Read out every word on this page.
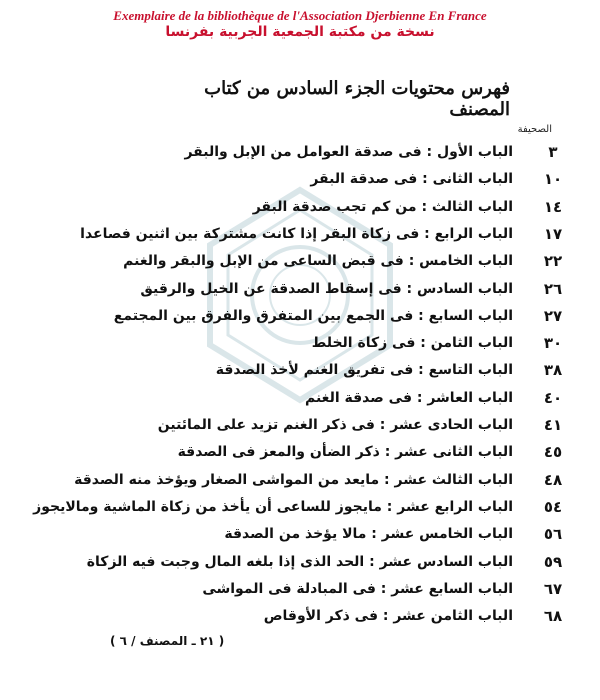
Exemplaire de la bibliothèque de l'Association Djerbienne En France
نسخة من مكتبة الجمعية الجربية بفرنسا
فهرس محتويات الجزء السادس من كتاب المصنف
الصحيفة
٣
الباب الأول : فى صدقة العوامل من الإبل والبقر
١٠
الباب الثانى : فى صدقة البقر
١٤
الباب الثالث : من كم تجب صدقة البقر
١٧
الباب الرابع : فى زكاة البقر إذا كانت مشتركة بين اثنين فصاعدا
٢٢
الباب الخامس : فى قبض الساعى من الإبل والبقر والغنم
٢٦
الباب السادس : فى إسقاط الصدقة عن الخيل والرقيق
٢٧
الباب السابع : فى الجمع بين المتفرق والفرق بين المجتمع
٣٠
الباب الثامن : فى زكاة الخلط
٣٨
الباب التاسع : فى تفريق الغنم لأخذ الصدقة
٤٠
الباب العاشر : فى صدقة الغنم
٤١
الباب الحادى عشر : فى ذكر الغنم تزيد على المائتين
٤٥
الباب الثانى عشر : ذكر الضأن والمعز فى الصدقة
٤٨
الباب الثالث عشر : مايعد من المواشى الصغار ويؤخذ منه الصدقة
٥٤
الباب الرابع عشر : مايجوز للساعى أن يأخذ من زكاة الماشية ومالايجوز
٥٦
الباب الخامس عشر : مالا يؤخذ من الصدقة
٥٩
الباب السادس عشر : الحد الذى إذا بلغه المال وجبت فيه الزكاة
٦٧
الباب السابع عشر : فى المبادلة فى المواشى
٦٨
الباب الثامن عشر : فى ذكر الأوقاص
( ٢١ ـ المصنف / ٦ )
